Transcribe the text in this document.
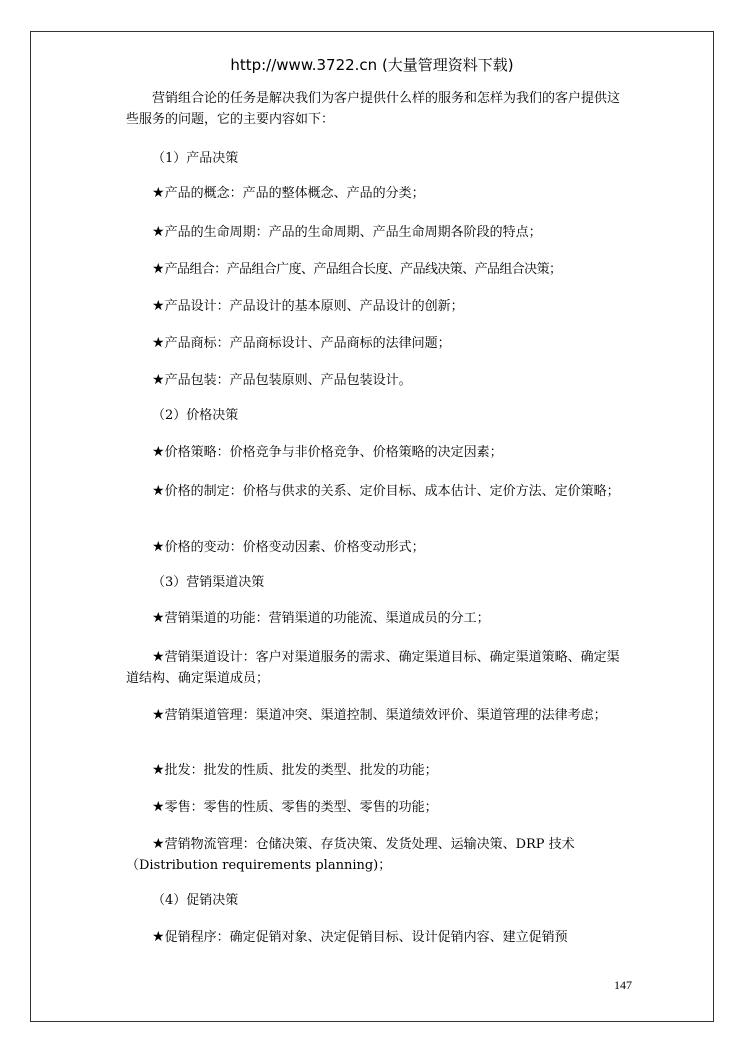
http://www.3722.cn (大量管理资料下载)

营销组合论的任务是解决我们为客户提供什么样的服务和怎样为我们的客户提供这些服务的问题，它的主要内容如下：

（1）产品决策

★产品的概念：产品的整体概念、产品的分类；

★产品的生命周期：产品的生命周期、产品生命周期各阶段的特点；

★产品组合：产品组合广度、产品组合长度、产品线决策、产品组合决策；

★产品设计：产品设计的基本原则、产品设计的创新；

★产品商标：产品商标设计、产品商标的法律问题；

★产品包装：产品包装原则、产品包装设计。

（2）价格决策

★价格策略：价格竞争与非价格竞争、价格策略的决定因素；

★价格的制定：价格与供求的关系、定价目标、成本估计、定价方法、定价策略；

★价格的变动：价格变动因素、价格变动形式；

（3）营销渠道决策

★营销渠道的功能：营销渠道的功能流、渠道成员的分工；

★营销渠道设计：客户对渠道服务的需求、确定渠道目标、确定渠道策略、确定渠道结构、确定渠道成员；

★营销渠道管理：渠道冲突、渠道控制、渠道绩效评价、渠道管理的法律考虑；

★批发：批发的性质、批发的类型、批发的功能；

★零售：零售的性质、零售的类型、零售的功能；

★营销物流管理：仓储决策、存货决策、发货处理、运输决策、DRP 技术（Distribution requirements planning)；

（4）促销决策

★促销程序：确定促销对象、决定促销目标、设计促销内容、建立促销预

147
